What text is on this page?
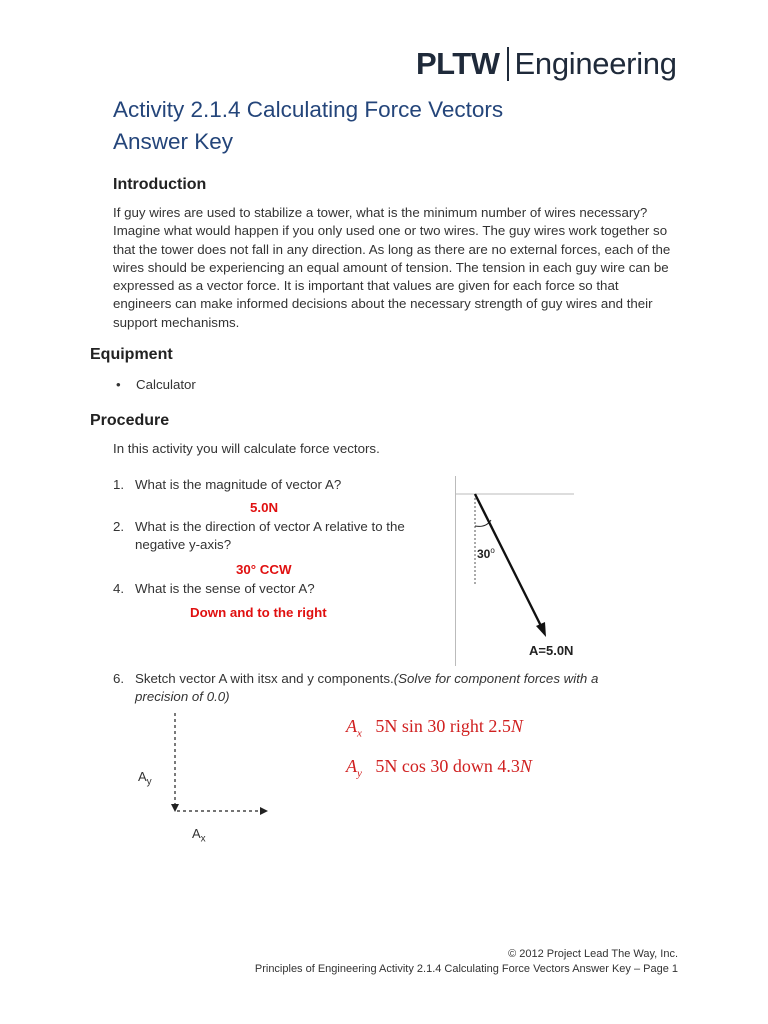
PLTW Engineering
Activity 2.1.4 Calculating Force Vectors
Answer Key
Introduction
If guy wires are used to stabilize a tower, what is the minimum number of wires necessary? Imagine what would happen if you only used one or two wires. The guy wires work together so that the tower does not fall in any direction. As long as there are no external forces, each of the wires should be experiencing an equal amount of tension. The tension in each guy wire can be expressed as a vector force. It is important that values are given for each force so that engineers can make informed decisions about the necessary strength of guy wires and their support mechanisms.
Equipment
• Calculator
Procedure
In this activity you will calculate force vectors.
1. What is the magnitude of vector A?
5.0N
2. What is the direction of vector A relative to the
negative y-axis?
30° CCW
4. What is the sense of vector A?
Down and to the right
6. Sketch vector A with itsx and y components.(Solve for component forces with a
precision of 0.0)
30$^o$
A=5.0N
$A_y$
$A_x$
$A_x$ 5N sin 30 right 2.5N
$A_y$ 5N cos 30 down 4.3N
© 2012 Project Lead The Way, Inc.
Principles of Engineering Activity 2.1.4 Calculating Force Vectors Answer Key – Page 1
